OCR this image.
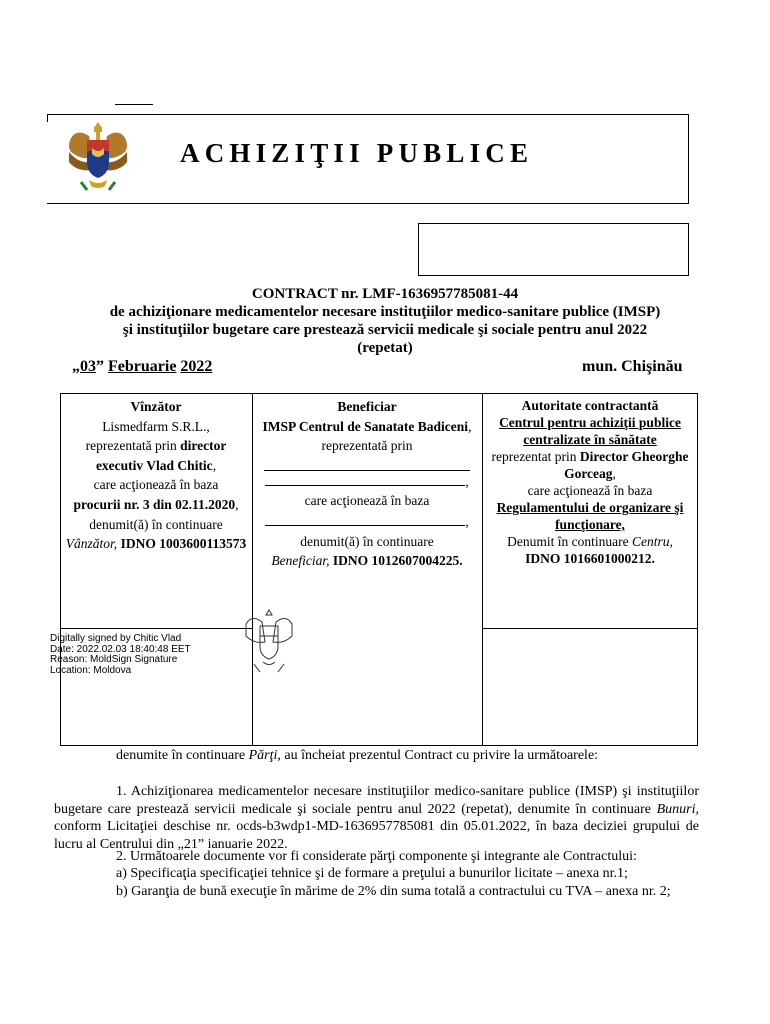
ACHIZIŢII PUBLICE
CONTRACT nr. LMF-1636957785081-44
de achiziţionare medicamentelor necesare instituţiilor medico-sanitare publice (IMSP)
şi instituţiilor bugetare care prestează servicii medicale şi sociale pentru anul 2022
(repetat)
„03” Februarie 2022	mun. Chişinău
Vînzător
Lismedfarm S.R.L.,
reprezentată prin director executiv Vlad Chitic,
care acţionează în baza
procurii nr. 3 din 02.11.2020,
denumit(ă) în continuare
Vânzător, IDNO 1003600113573
Beneficiar
IMSP Centrul de Sanatate Badiceni,
reprezentată prin
,
care acţionează în baza
,
denumit(ă) în continuare
Beneficiar, IDNO 1012607004225.
Autoritate contractantă
Centrul pentru achiziţii publice centralizate în sănătate
reprezentat prin Director Gheorghe Gorceag,
care acţionează în baza
Regulamentului de organizare şi funcţionare,
Denumit în continuare Centru,
IDNO 1016601000212.
Digitally signed by Chitic Vlad
Date: 2022.02.03 18:40:48 EET
Reason: MoldSign Signature
Location: Moldova
denumite în continuare Părţi, au încheiat prezentul Contract cu privire la următoarele:
1. Achiziţionarea medicamentelor necesare instituţiilor medico-sanitare publice (IMSP) şi instituţiilor bugetare care prestează servicii medicale şi sociale pentru anul 2022 (repetat), denumite în continuare Bunuri, conform Licitaţiei deschise nr. ocds-b3wdp1-MD-1636957785081 din 05.01.2022, în baza deciziei grupului de lucru al Centrului din „21” ianuarie 2022.
2. Următoarele documente vor fi considerate părţi componente şi integrante ale Contractului:
a) Specificaţia specificaţiei tehnice şi de formare a preţului a bunurilor licitate – anexa nr.1;
b) Garanţia de bună execuţie în mărime de 2% din suma totală a contractului cu TVA – anexa nr. 2;
